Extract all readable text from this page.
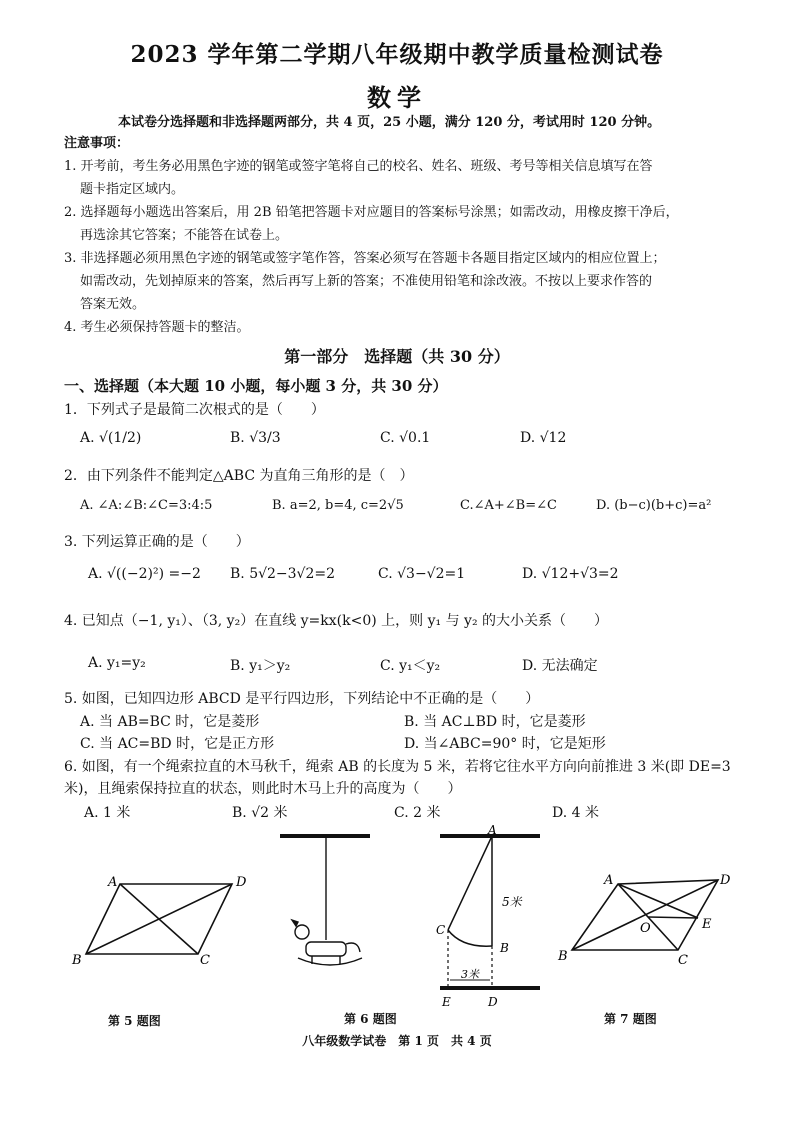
2023 学年第二学期八年级期中教学质量检测试卷
数学
本试卷分选择题和非选择题两部分，共 4 页，25 小题，满分 120 分，考试用时 120 分钟。
注意事项：
1. 开考前，考生务必用黑色字迹的钢笔或签字笔将自己的校名、姓名、班级、考号等相关信息填写在答
题卡指定区域内。
2. 选择题每小题选出答案后，用 2B 铅笔把答题卡对应题目的答案标号涂黑；如需改动，用橡皮擦干净后，
再选涂其它答案；不能答在试卷上。
3. 非选择题必须用黑色字迹的钢笔或签字笔作答，答案必须写在答题卡各题目指定区域内的相应位置上；
如需改动，先划掉原来的答案，然后再写上新的答案；不准使用铅笔和涂改液。不按以上要求作答的
答案无效。
4. 考生必须保持答题卡的整洁。
第一部分　选择题（共 30 分）
一、选择题（本大题 10 小题，每小题 3 分，共 30 分）
1．下列式子是最简二次根式的是（　　）
A. √(1/2)	B. √3/3	C. √0.1	D. √12
2．由下列条件不能判定△ABC 为直角三角形的是（　）
A. ∠A:∠B:∠C=3:4:5	B. a=2, b=4, c=2√5	C.∠A+∠B=∠C	D. (b−c)(b+c)=a²
3. 下列运算正确的是（　　）
A. √((−2)²) =−2 B. 5√2−3√2=2	C. √3−√2=1	D. √12+√3=2
4. 已知点（−1, y₁）、（3, y₂）在直线 y=kx(k<0) 上，则 y₁ 与 y₂ 的大小关系（　　）
A. y₁=y₂	B. y₁＞y₂	C. y₁＜y₂	D. 无法确定
5. 如图，已知四边形 ABCD 是平行四边形，下列结论中不正确的是（　　）
A. 当 AB=BC 时，它是菱形	B. 当 AC⊥BD 时，它是菱形
C. 当 AC=BD 时，它是正方形	D. 当∠ABC=90° 时，它是矩形
6. 如图，有一个绳索拉直的木马秋千，绳索 AB 的长度为 5 米，若将它往水平方向向前推进 3 米(即 DE=3
米)，且绳索保持拉直的状态，则此时木马上升的高度为（　　）
A. 1 米	B. √2 米	C. 2 米	D. 4 米
A	D
B	C
A
5米
C
B
3米
E	D
A	D
O	E
B	C
第 5 题图	第 6 题图	第 7 题图
八年级数学试卷　第 1 页　共 4 页
